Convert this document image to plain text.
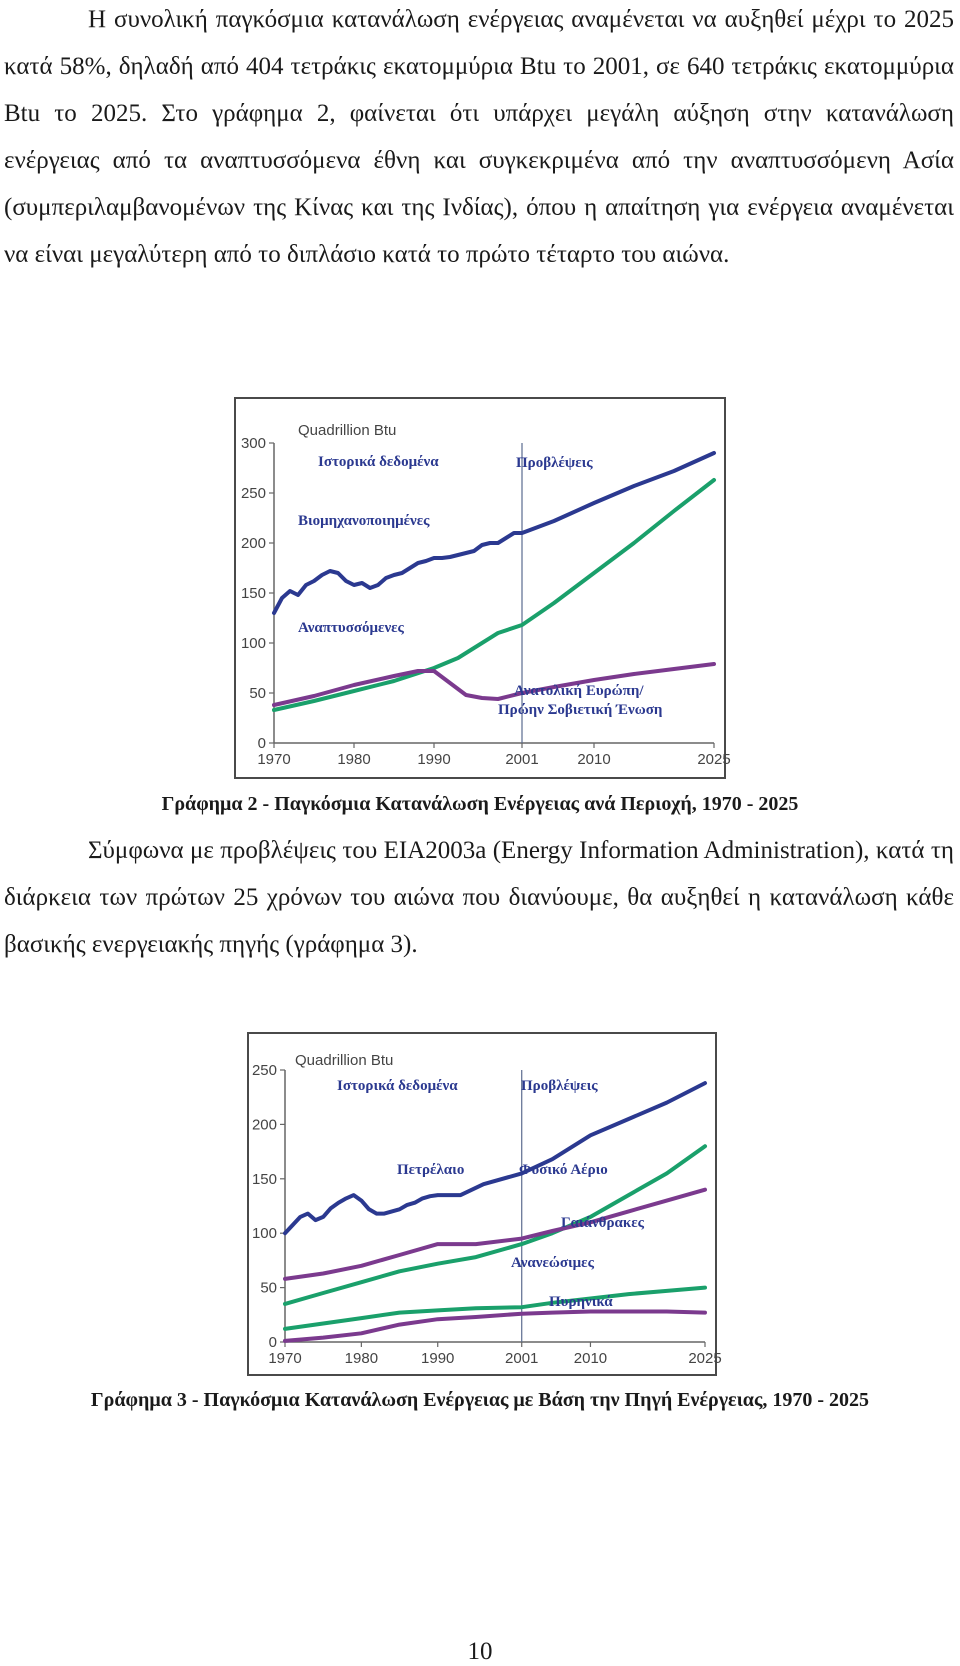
Η συνολική παγκόσμια κατανάλωση ενέργειας αναμένεται να αυξηθεί μέχρι το 2025 κατά 58%, δηλαδή από 404 τετράκις εκατομμύρια Btu το 2001, σε 640 τετράκις εκατομμύρια Btu το 2025. Στο γράφημα 2, φαίνεται ότι υπάρχει μεγάλη αύξηση στην κατανάλωση ενέργειας από τα αναπτυσσόμενα έθνη και συγκεκριμένα από την αναπτυσσόμενη Ασία (συμπεριλαμβανομένων της Κίνας και της Ινδίας), όπου η απαίτηση για ενέργεια αναμένεται να είναι μεγαλύτερη από το διπλάσιο κατά το πρώτο τέταρτο του αιώνα.

0
50
100
150
200
250
300
1970	1980	1990	2001	2010	2025
Quadrillion Btu
Ιστορικά δεδομένα	Προβλέψεις
Βιομηχανοποιημένες
Αναπτυσσόμενες
Ανατολική Ευρώπη/
Πρώην Σοβιετική Ένωση

Γράφημα 2 - Παγκόσμια Κατανάλωση Ενέργειας ανά Περιοχή, 1970 - 2025

Σύμφωνα με προβλέψεις του EIA2003a (Energy Information Administration), κατά τη διάρκεια των πρώτων 25 χρόνων του αιώνα που διανύουμε, θα αυξηθεί η κατανάλωση κάθε βασικής ενεργειακής πηγής (γράφημα 3).

0
50
100
150
200
250
1970	1980	1990	2001 2010	2025
Quadrillion Btu
Ιστορικά δεδομένα	Προβλέψεις
Πετρέλαιο	Φυσικό Αέριο
Γαιάνθρακες
Ανανεώσιμες
Πυρηνικά

Γράφημα 3 - Παγκόσμια Κατανάλωση Ενέργειας με Βάση την Πηγή Ενέργειας, 1970 - 2025

10
